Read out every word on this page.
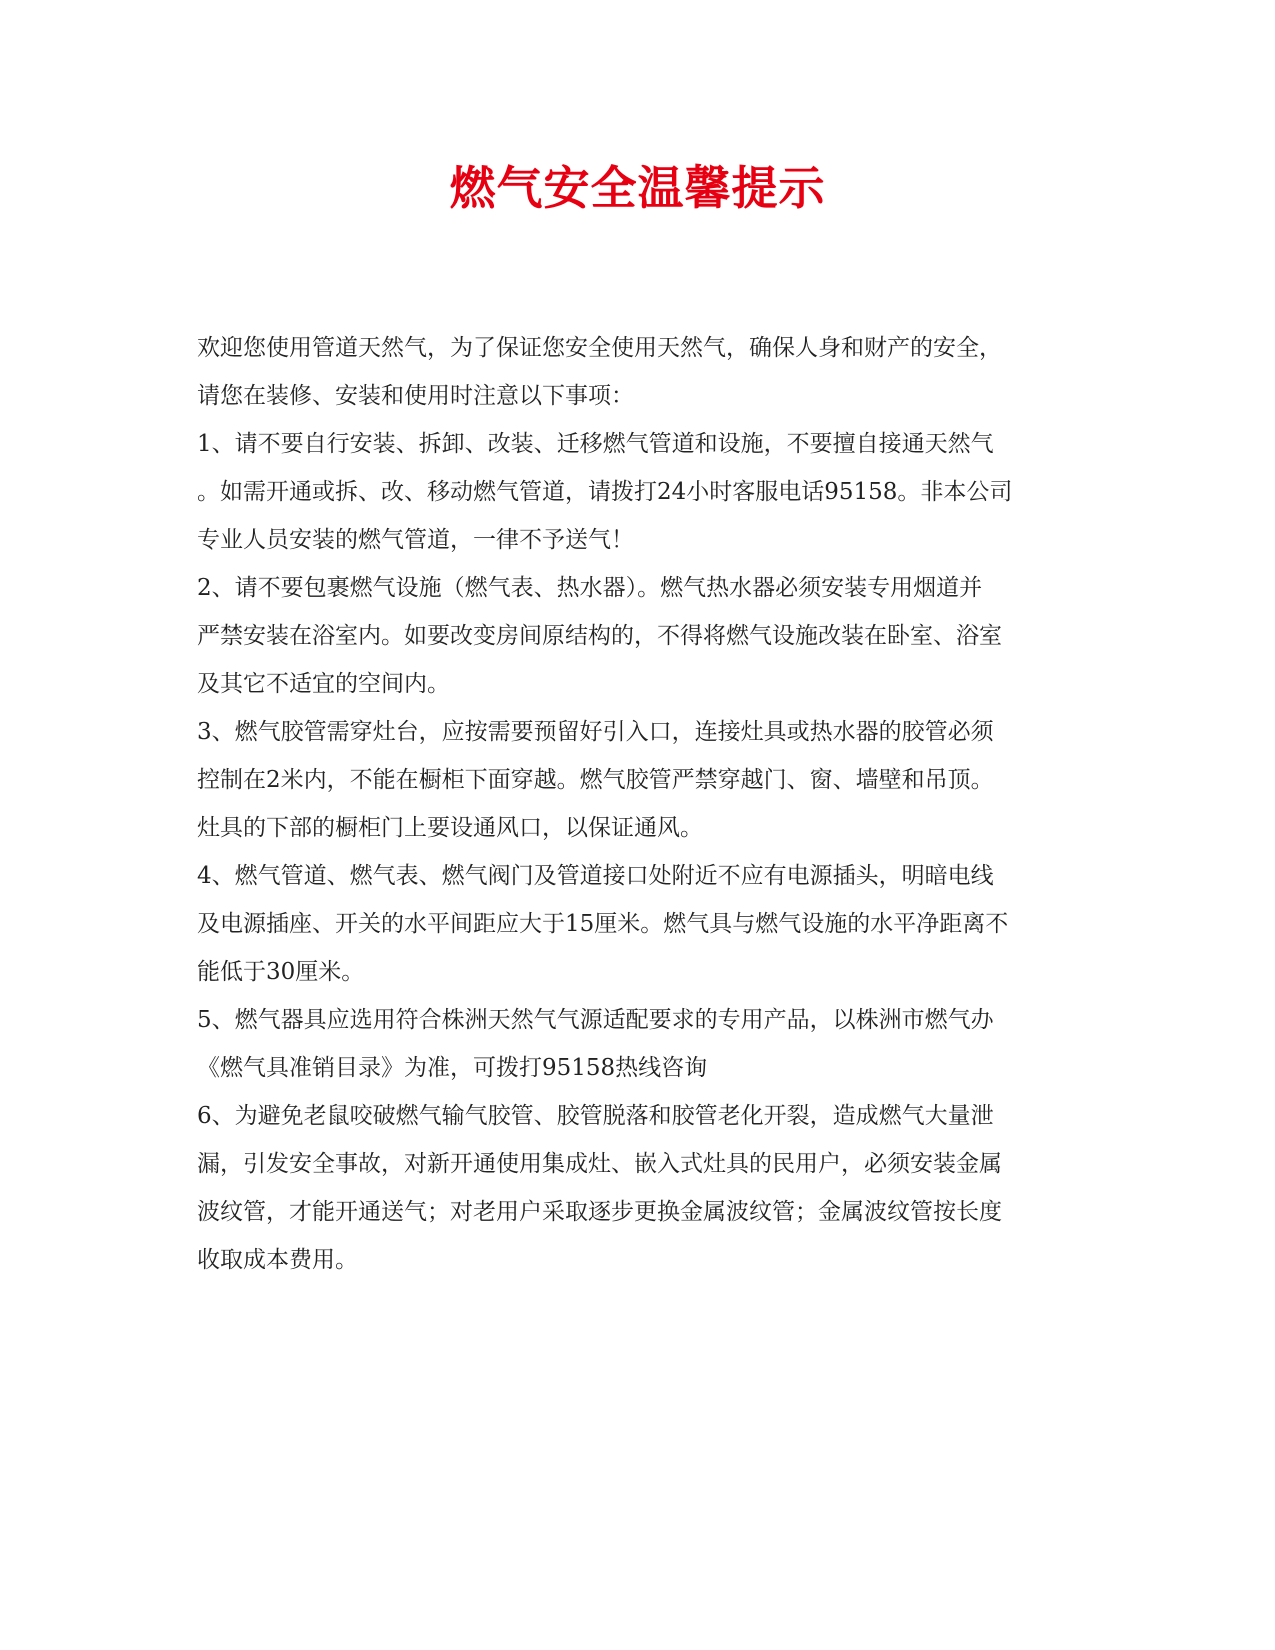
燃气安全温馨提示
欢迎您使用管道天然气，为了保证您安全使用天然气，确保人身和财产的安全，
请您在装修、安装和使用时注意以下事项：
1、请不要自行安装、拆卸、改装、迁移燃气管道和设施，不要擅自接通天然气
。如需开通或拆、改、移动燃气管道，请拨打24小时客服电话95158。非本公司
专业人员安装的燃气管道，一律不予送气！
2、请不要包裹燃气设施（燃气表、热水器）。燃气热水器必须安装专用烟道并
严禁安装在浴室内。如要改变房间原结构的，不得将燃气设施改装在卧室、浴室
及其它不适宜的空间内。
3、燃气胶管需穿灶台，应按需要预留好引入口，连接灶具或热水器的胶管必须
控制在2米内，不能在橱柜下面穿越。燃气胶管严禁穿越门、窗、墙壁和吊顶。
灶具的下部的橱柜门上要设通风口，以保证通风。
4、燃气管道、燃气表、燃气阀门及管道接口处附近不应有电源插头，明暗电线
及电源插座、开关的水平间距应大于15厘米。燃气具与燃气设施的水平净距离不
能低于30厘米。
5、燃气器具应选用符合株洲天然气气源适配要求的专用产品，以株洲市燃气办
《燃气具准销目录》为准，可拨打95158热线咨询
6、为避免老鼠咬破燃气输气胶管、胶管脱落和胶管老化开裂，造成燃气大量泄
漏，引发安全事故，对新开通使用集成灶、嵌入式灶具的民用户，必须安装金属
波纹管，才能开通送气；对老用户采取逐步更换金属波纹管；金属波纹管按长度
收取成本费用。
